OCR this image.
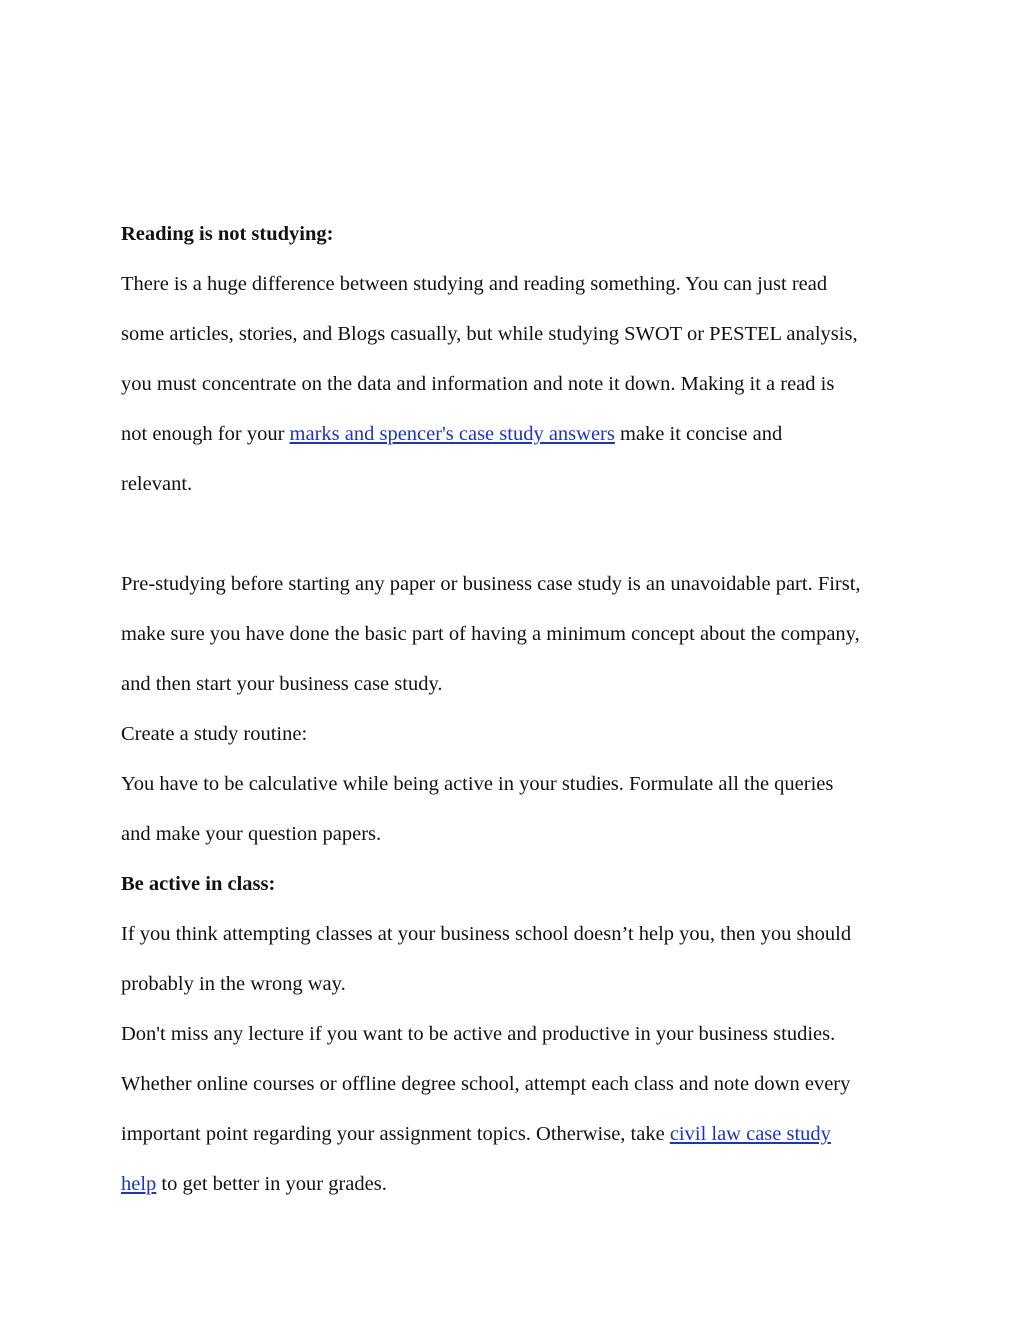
Reading is not studying:
There is a huge difference between studying and reading something. You can just read
some articles, stories, and Blogs casually, but while studying SWOT or PESTEL analysis,
you must concentrate on the data and information and note it down. Making it a read is
not enough for your marks and spencer's case study answers make it concise and
relevant.
Pre-studying before starting any paper or business case study is an unavoidable part. First,
make sure you have done the basic part of having a minimum concept about the company,
and then start your business case study.
Create a study routine:
You have to be calculative while being active in your studies. Formulate all the queries
and make your question papers.
Be active in class:
If you think attempting classes at your business school doesn’t help you, then you should
probably in the wrong way.
Don't miss any lecture if you want to be active and productive in your business studies.
Whether online courses or offline degree school, attempt each class and note down every
important point regarding your assignment topics. Otherwise, take civil law case study
help to get better in your grades.
